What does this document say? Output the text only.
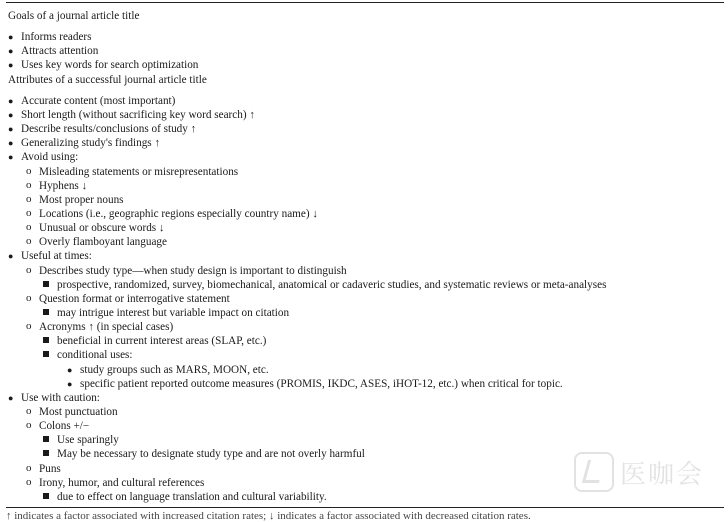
Goals of a journal article title
● Informs readers
● Attracts attention
● Uses key words for search optimization
Attributes of a successful journal article title
● Accurate content (most important)
● Short length (without sacrificing key word search) ↑
● Describe results/conclusions of study ↑
● Generalizing study's findings ↑
● Avoid using:
o Misleading statements or misrepresentations
o Hyphens ↓
o Most proper nouns
o Locations (i.e., geographic regions especially country name) ↓
o Unusual or obscure words ↓
o Overly flamboyant language
● Useful at times:
o Describes study type—when study design is important to distinguish
prospective, randomized, survey, biomechanical, anatomical or cadaveric studies, and systematic reviews or meta-analyses
o Question format or interrogative statement
may intrigue interest but variable impact on citation
o Acronyms ↑ (in special cases)
beneficial in current interest areas (SLAP, etc.)
conditional uses:
● study groups such as MARS, MOON, etc.
● specific patient reported outcome measures (PROMIS, IKDC, ASES, iHOT-12, etc.) when critical for topic.
● Use with caution:
o Most punctuation
o Colons +/−
Use sparingly
May be necessary to designate study type and are not overly harmful
o Puns
o Irony, humor, and cultural references
due to effect on language translation and cultural variability.
↑ indicates a factor associated with increased citation rates; ↓ indicates a factor associated with decreased citation rates.
医咖会
